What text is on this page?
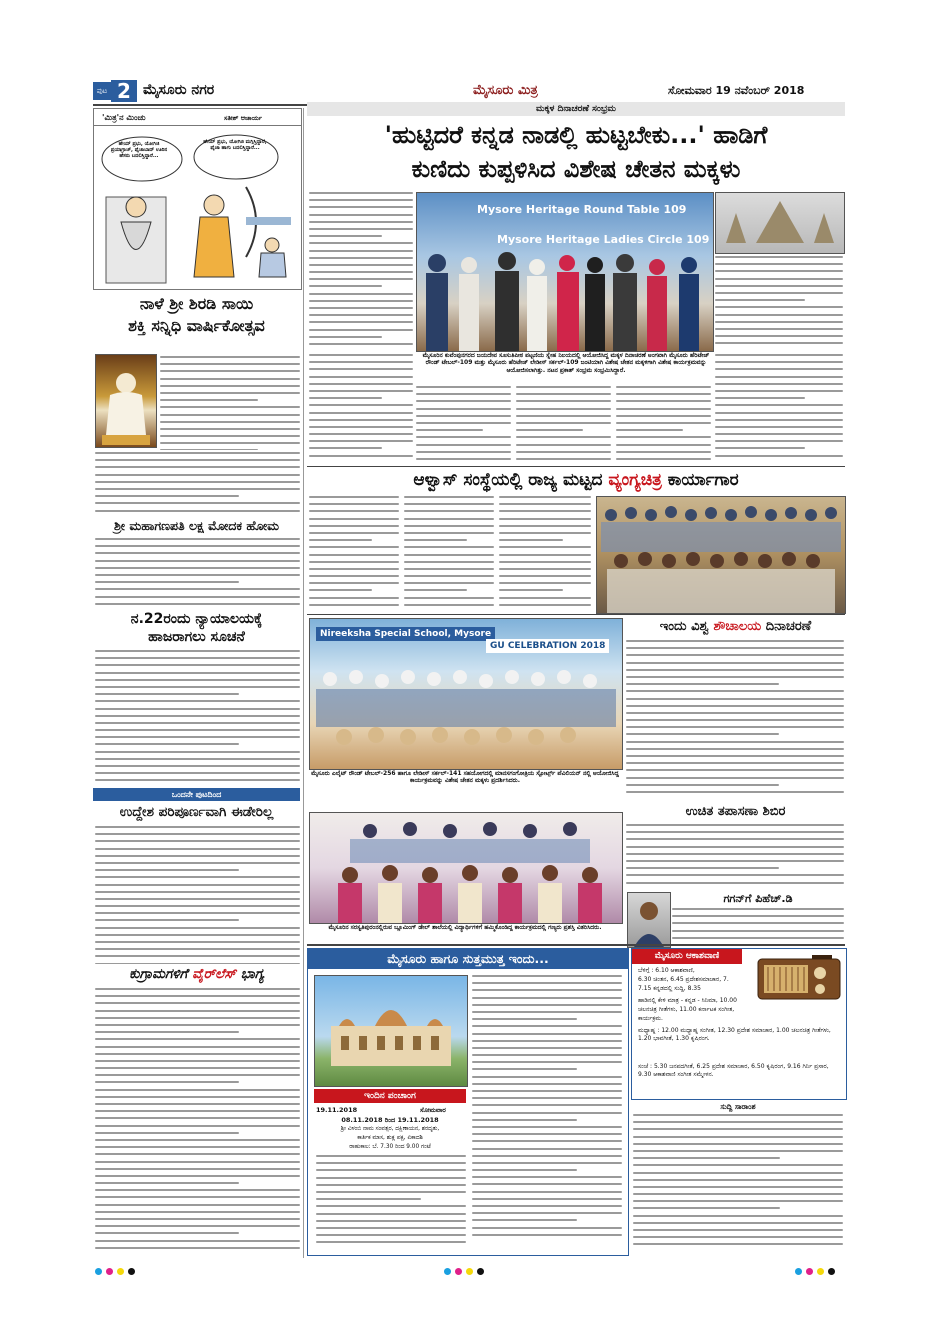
ಪುಟ 2 ಮೈಸೂರು ನಗರ	ಮೈಸೂರು ಮಿತ್ರ	ಸೋಮವಾರ 19 ನವೆಂಬರ್ 2018
'ಮಿತ್ರ'ನ ಮಿಂಚು	ಸತೀಶ್ ಆಚಾರ್ಯ
ಹೇಯ್ ಪ್ರಭು, ಯೋಗಿಜಿ ಪ್ರಯಾಗ್ರಾಜ್, ಫೈಜಾಬಾದ್ ಊರಿನ ಹೆಸರು ಬದಲಿಸ್ತಿದ್ದಾರೆ...
ಹೇಯ್ ಪ್ರಭು, ಯೋಗಿಜಿ ಮಗ್ಗಿಸ್ತಿದ್ದಾರೆ, ಫೈಜಾ ಹಾಗು ಬದಲಿಸ್ತಿದ್ದಾರೆ...
ನಾಳೆ ಶ್ರೀ ಶಿರಡಿ ಸಾಯಿ
ಶಕ್ತಿ ಸನ್ನಿಧಿ ವಾರ್ಷಿಕೋತ್ಸವ
ಶ್ರೀ ಮಹಾಗಣಪತಿ ಲಕ್ಷ ಮೋದಕ ಹೋಮ
ನ.22ರಂದು ನ್ಯಾಯಾಲಯಕ್ಕೆ
ಹಾಜರಾಗಲು ಸೂಚನೆ
ಒಂದನೇ ಪುಟದಿಂದ
ಉದ್ದೇಶ ಪರಿಪೂರ್ಣವಾಗಿ ಈಡೇರಿಲ್ಲ
ಕುಗ್ರಾಮಗಳಿಗೆ ವೈರ್‌ಲೆಸ್ ಭಾಗ್ಯ
ಮಕ್ಕಳ ದಿನಾಚರಣೆ ಸಂಭ್ರಮ
'ಹುಟ್ಟಿದರೆ ಕನ್ನಡ ನಾಡಲ್ಲಿ ಹುಟ್ಟಬೇಕು...' ಹಾಡಿಗೆ
ಕುಣಿದು ಕುಪ್ಪಳಿಸಿದ ವಿಶೇಷ ಚೇತನ ಮಕ್ಕಳು
Mysore Heritage Round Table 109
Mysore Heritage Ladies Circle 109
ಮೈಸೂರಿನ ಕುವೆಂಪುನಗರದ ಜಯದೇವ ಸೂಸುತಿಪೀಠ ಪಟ್ಟಣಿಯ ಸ್ನೇಹ ನಿಲಯದಲ್ಲಿ ಆಯೋಜಿಸಿದ್ದ ಮಕ್ಕಳ ದಿನಾಚರಣೆ ಅಂಗವಾಗಿ ಮೈಸೂರು ಹೆರಿಟೇಜ್ ರೌಂಡ್ ಟೇಬಲ್-109 ಮತ್ತು ಮೈಸೂರು ಹೆರಿಟೇಜ್ ಲೇಡೀಸ್ ಸರ್ಕಲ್-109 ಜಂಟಿಯಾಗಿ ವಿಶೇಷ ಚೇತನ ಮಕ್ಕಳಿಗಾಗಿ ವಿಶೇಷ ಕಾರ್ಯಕ್ರಮವನ್ನು ಆಯೋಜಿಸಲಾಗಿತ್ತು. ನಟನ ಪ್ರಕಾಶ್ ಸಂಭ್ರಮ ಸಂಭ್ರಮಿಸಿದ್ದಾರೆ.
ಆಳ್ವಾಸ್ ಸಂಸ್ಥೆಯಲ್ಲಿ ರಾಜ್ಯ ಮಟ್ಟದ ವ್ಯಂಗ್ಯಚಿತ್ರ ಕಾರ್ಯಾಗಾರ
Nireeksha Special School, Mysore
GU CELEBRATION 2018
ಮೈಸೂರು ಎಲೈಟ್ ರೌಂಡ್ ಟೇಬಲ್-256 ಹಾಗೂ ಲೇಡೀಸ್ ಸರ್ಕಲ್-141 ಸಹಯೋಗದಲ್ಲಿ ಮಾನಸಗಂಗೋತ್ರಿಯ ಸ್ಪೋರ್ಟ್ಸ್ ಪೆವಿಲಿಯನ್ ನಲ್ಲಿ ಆಯೋಜಿಸಿದ್ದ ಕಾರ್ಯಕ್ರಮವನ್ನು ವಿಶೇಷ ಚೇತನ ಮಕ್ಕಳು ಪ್ರದರ್ಶಿಸಿದರು.
ಮೈಸೂರಿನ ಸರಸ್ವತಿಪುರಂನಲ್ಲಿರುವ ಬ್ಲೂಮಿಂಗ್ ಡೇಲ್ ಶಾಲೆಯಲ್ಲಿ ವಿದ್ಯಾರ್ಥಿಗಳಿಗೆ ಹಮ್ಮಿಕೊಂಡಿದ್ದ ಕಾರ್ಯಕ್ರಮದಲ್ಲಿ ಗಣ್ಯರು ಪ್ರಶಸ್ತಿ ವಿತರಿಸಿದರು.
ಇಂದು ವಿಶ್ವ ಶೌಚಾಲಯ ದಿನಾಚರಣೆ
ಉಚಿತ ತಪಾಸಣಾ ಶಿಬಿರ
ಗಗನ್‌ಗೆ ಪಿಹೆಚ್.ಡಿ
ಮೈಸೂರು ಹಾಗೂ ಸುತ್ತಮುತ್ತ ಇಂದು...
ಇಂದಿನ ಪಂಚಾಂಗ
19.11.2018	ಸೋಮವಾರ
08.11.2018 ರಿಂದ 19.11.2018
ಶ್ರೀ ವಿಳಂಬಿ ನಾಮ ಸಂವತ್ಸರ, ದಕ್ಷಿಣಾಯನ, ಶರದೃತು,
ಕಾರ್ತಿಕ ಮಾಸ, ಶುಕ್ಲ ಪಕ್ಷ, ಏಕಾದಶಿ
ರಾಹುಕಾಲ: ಬೆ. 7.30 ರಿಂದ 9.00 ಗಂಟೆ
ಮೈಸೂರು ಆಕಾಶವಾಣಿ
ಬೆಳಿಗ್ಗೆ : 6.10 ಆಕಾಶವಾಣಿ,
6.30 ಚಿಂತನ, 6.45 ಪ್ರದೇಶಸಮಾಚಾರ, 7.
7.15 ಕನ್ನಡದಲ್ಲಿ ಸುದ್ದಿ, 8.35
ಹಾಡಿನಲ್ಲಿ ಕೇಳಿ ಮಾತ್ರ - ಕನ್ನಡ - ಸಿನಿಮಾ, 10.00
ಚಲನಚಿತ್ರ ಗೀತೆಗಳು, 11.00 ಕರ್ನಾಟಕ ಸಂಗೀತ,
ಕಾರ್ಯಕ್ರಮ.
ಮಧ್ಯಾಹ್ನ : 12.00 ಮಧ್ಯಾಹ್ನ ಸಂಗೀತ, 12.30 ಪ್ರದೇಶ ಸಮಾಚಾರ, 1.00 ಚಲನಚಿತ್ರ ಗೀತೆಗಳು, 1.20 ಭಾವಗೀತೆ, 1.30 ಕೃಷಿರಂಗ.
ಸಂಜೆ : 5.30 ಜನಪದಗೀತೆ, 6.25 ಪ್ರದೇಶ ಸಮಾಚಾರ, 6.50 ಕೃಷಿರಂಗ, 9.16 ಗಿರ್ನಿ ಪ್ರಸಾರ, 9.30 ಆಕಾಶವಾಣಿ ಸಂಗೀತ ಸಮ್ಮೇಳನ.
ಸುದ್ದಿ ಸಾರಾಂಶ
